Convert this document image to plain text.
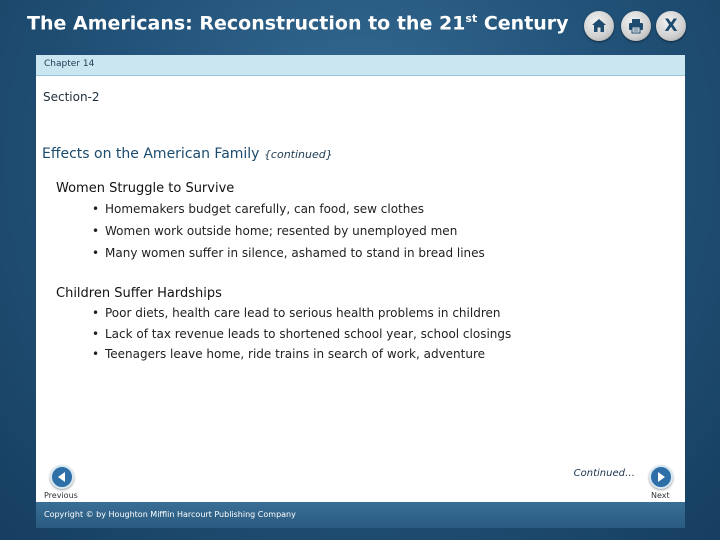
The Americans: Reconstruction to the 21st Century	X
Chapter 14
Section-2
Effects on the American Family {continued}
Women Struggle to Survive
• Homemakers budget carefully, can food, sew clothes
• Women work outside home; resented by unemployed men
• Many women suffer in silence, ashamed to stand in bread lines
Children Suffer Hardships
• Poor diets, health care lead to serious health problems in children
• Lack of tax revenue leads to shortened school year, school closings
• Teenagers leave home, ride trains in search of work, adventure
Previous
Continued…
Next
Copyright © by Houghton Mifflin Harcourt Publishing Company
